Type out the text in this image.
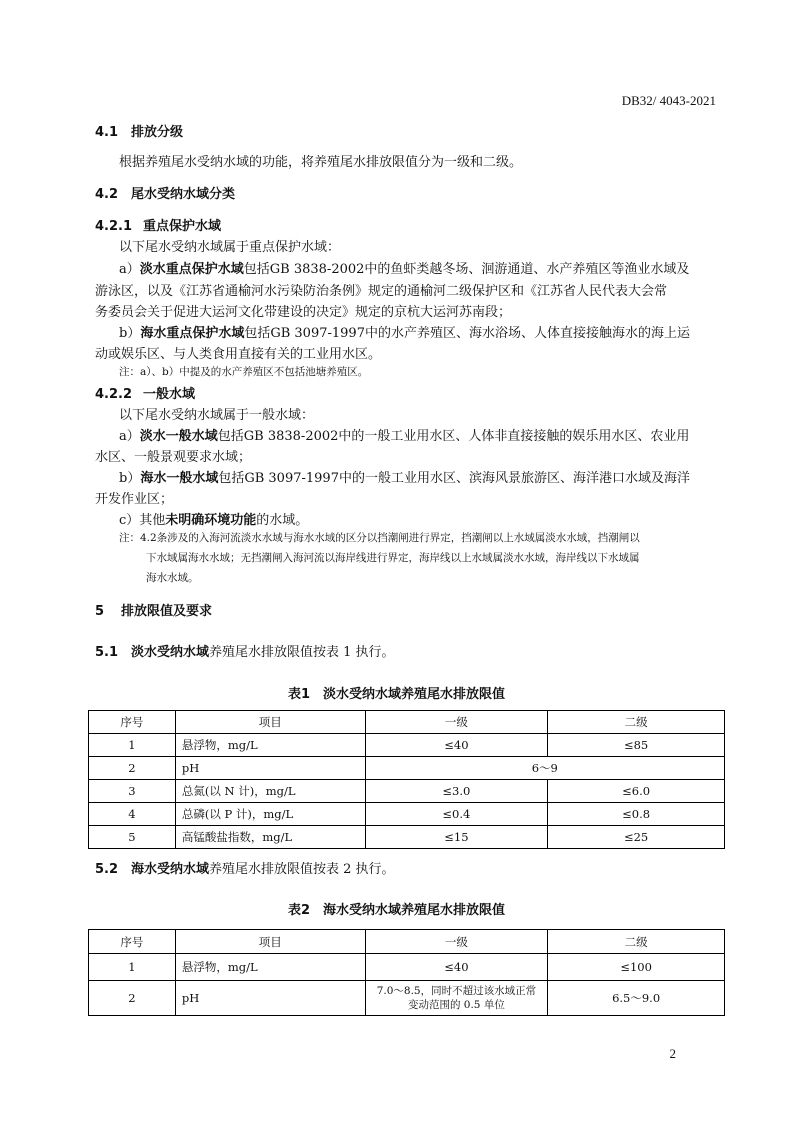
DB32/ 4043-2021
4.1 排放分级
根据养殖尾水受纳水域的功能，将养殖尾水排放限值分为一级和二级。
4.2 尾水受纳水域分类
4.2.1 重点保护水域
以下尾水受纳水域属于重点保护水域：
a）淡水重点保护水域包括GB 3838-2002中的鱼虾类越冬场、洄游通道、水产养殖区等渔业水域及
游泳区，以及《江苏省通榆河水污染防治条例》规定的通榆河二级保护区和《江苏省人民代表大会常
务委员会关于促进大运河文化带建设的决定》规定的京杭大运河苏南段；
b）海水重点保护水域包括GB 3097-1997中的水产养殖区、海水浴场、人体直接接触海水的海上运
动或娱乐区、与人类食用直接有关的工业用水区。
注：a）、b）中提及的水产养殖区不包括池塘养殖区。
4.2.2 一般水域
以下尾水受纳水域属于一般水域：
a）淡水一般水域包括GB 3838-2002中的一般工业用水区、人体非直接接触的娱乐用水区、农业用
水区、一般景观要求水域；
b）海水一般水域包括GB 3097-1997中的一般工业用水区、滨海风景旅游区、海洋港口水域及海洋
开发作业区；
c）其他未明确环境功能的水域。
注：4.2条涉及的入海河流淡水水域与海水水域的区分以挡潮闸进行界定，挡潮闸以上水域属淡水水域，挡潮闸以
下水域属海水水域；无挡潮闸入海河流以海岸线进行界定，海岸线以上水域属淡水水域，海岸线以下水域属
海水水域。
5 排放限值及要求
5.1 淡水受纳水域养殖尾水排放限值按表 1 执行。
表1　淡水受纳水域养殖尾水排放限值
序号	项目	一级	二级
1	悬浮物，mg/L	≤40	≤85
2	pH	6～9	
3	总氮(以 N 计)，mg/L	≤3.0	≤6.0
4	总磷(以 P 计)，mg/L	≤0.4	≤0.8
5	高锰酸盐指数，mg/L	≤15	≤25
5.2 海水受纳水域养殖尾水排放限值按表 2 执行。
表2　海水受纳水域养殖尾水排放限值
序号	项目	一级	二级
1	悬浮物，mg/L	≤40	≤100
2	pH	7.0～8.5，同时不超过该水域正常
变动范围的 0.5 单位	6.5～9.0
2
